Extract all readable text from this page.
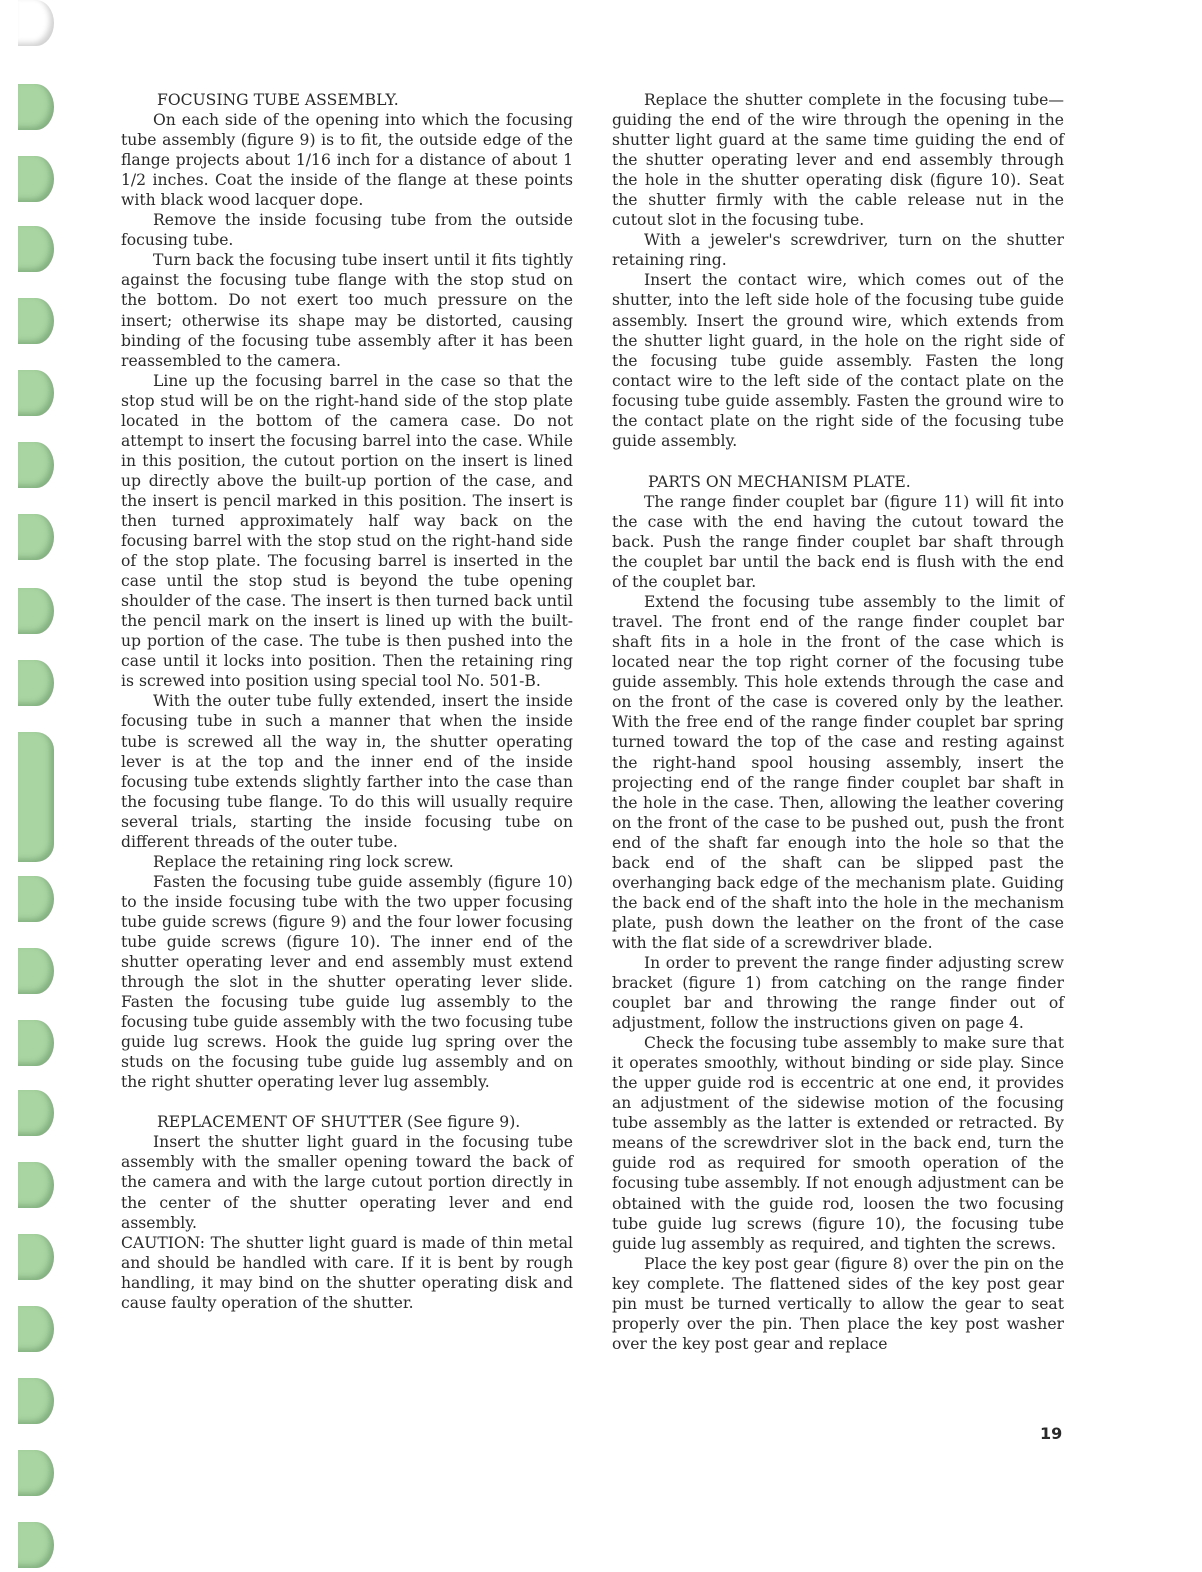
FOCUSING TUBE ASSEMBLY.

On each side of the opening into which the focusing tube assembly (figure 9) is to fit, the outside edge of the flange projects about 1/16 inch for a distance of about 1 1/2 inches. Coat the inside of the flange at these points with black wood lacquer dope.

Remove the inside focusing tube from the outside focusing tube.

Turn back the focusing tube insert until it fits tightly against the focusing tube flange with the stop stud on the bottom. Do not exert too much pressure on the insert; otherwise its shape may be distorted, causing binding of the focusing tube assembly after it has been reassembled to the camera.

Line up the focusing barrel in the case so that the stop stud will be on the right-hand side of the stop plate located in the bottom of the camera case. Do not attempt to insert the focusing barrel into the case. While in this position, the cutout portion on the insert is lined up directly above the built-up portion of the case, and the insert is pencil marked in this position. The insert is then turned approximately half way back on the focusing barrel with the stop stud on the right-hand side of the stop plate. The focusing barrel is inserted in the case until the stop stud is beyond the tube opening shoulder of the case. The insert is then turned back until the pencil mark on the insert is lined up with the built-up portion of the case. The tube is then pushed into the case until it locks into position. Then the retaining ring is screwed into position using special tool No. 501-B.

With the outer tube fully extended, insert the inside focusing tube in such a manner that when the inside tube is screwed all the way in, the shutter operating lever is at the top and the inner end of the inside focusing tube extends slightly farther into the case than the focusing tube flange. To do this will usually require several trials, starting the inside focusing tube on different threads of the outer tube.

Replace the retaining ring lock screw.

Fasten the focusing tube guide assembly (figure 10) to the inside focusing tube with the two upper focusing tube guide screws (figure 9) and the four lower focusing tube guide screws (figure 10). The inner end of the shutter operating lever and end assembly must extend through the slot in the shutter operating lever slide. Fasten the focusing tube guide lug assembly to the focusing tube guide assembly with the two focusing tube guide lug screws. Hook the guide lug spring over the studs on the focusing tube guide lug assembly and on the right shutter operating lever lug assembly.

REPLACEMENT OF SHUTTER (See figure 9).

Insert the shutter light guard in the focusing tube assembly with the smaller opening toward the back of the camera and with the large cutout portion directly in the center of the shutter operating lever and end assembly.

CAUTION: The shutter light guard is made of thin metal and should be handled with care. If it is bent by rough handling, it may bind on the shutter operating disk and cause faulty operation of the shutter.

Replace the shutter complete in the focusing tube—guiding the end of the wire through the opening in the shutter light guard at the same time guiding the end of the shutter operating lever and end assembly through the hole in the shutter operating disk (figure 10). Seat the shutter firmly with the cable release nut in the cutout slot in the focusing tube.

With a jeweler's screwdriver, turn on the shutter retaining ring.

Insert the contact wire, which comes out of the shutter, into the left side hole of the focusing tube guide assembly. Insert the ground wire, which extends from the shutter light guard, in the hole on the right side of the focusing tube guide assembly. Fasten the long contact wire to the left side of the contact plate on the focusing tube guide assembly. Fasten the ground wire to the contact plate on the right side of the focusing tube guide assembly.

PARTS ON MECHANISM PLATE.

The range finder couplet bar (figure 11) will fit into the case with the end having the cutout toward the back. Push the range finder couplet bar shaft through the couplet bar until the back end is flush with the end of the couplet bar.

Extend the focusing tube assembly to the limit of travel. The front end of the range finder couplet bar shaft fits in a hole in the front of the case which is located near the top right corner of the focusing tube guide assembly. This hole extends through the case and on the front of the case is covered only by the leather. With the free end of the range finder couplet bar spring turned toward the top of the case and resting against the right-hand spool housing assembly, insert the projecting end of the range finder couplet bar shaft in the hole in the case. Then, allowing the leather covering on the front of the case to be pushed out, push the front end of the shaft far enough into the hole so that the back end of the shaft can be slipped past the overhanging back edge of the mechanism plate. Guiding the back end of the shaft into the hole in the mechanism plate, push down the leather on the front of the case with the flat side of a screwdriver blade.

In order to prevent the range finder adjusting screw bracket (figure 1) from catching on the range finder couplet bar and throwing the range finder out of adjustment, follow the instructions given on page 4.

Check the focusing tube assembly to make sure that it operates smoothly, without binding or side play. Since the upper guide rod is eccentric at one end, it provides an adjustment of the sidewise motion of the focusing tube assembly as the latter is extended or retracted. By means of the screwdriver slot in the back end, turn the guide rod as required for smooth operation of the focusing tube assembly. If not enough adjustment can be obtained with the guide rod, loosen the two focusing tube guide lug screws (figure 10), the focusing tube guide lug assembly as required, and tighten the screws.

Place the key post gear (figure 8) over the pin on the key complete. The flattened sides of the key post gear pin must be turned vertically to allow the gear to seat properly over the pin. Then place the key post washer over the key post gear and replace

19
